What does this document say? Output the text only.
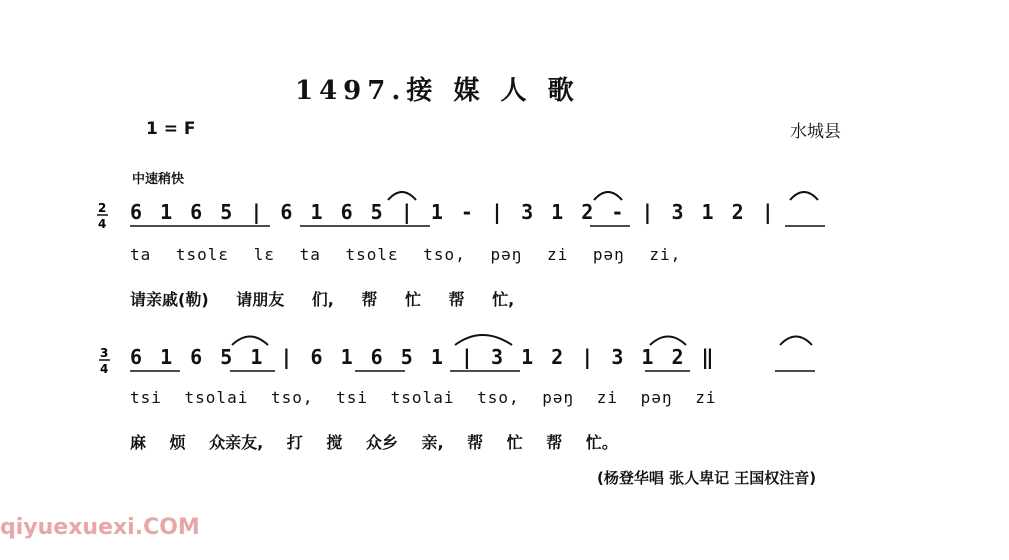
1497.接 媒 人 歌
1 = F	水城县
中速稍快
6 1 6 5 | 6 1 6 5 | 1 - | 3 1 2 - | 3 1 2 |
ta tsolɛ lɛ ta tsolɛ tso, pəŋ zi pəŋ zi,
请亲戚(勒) 请朋友 们, 帮 忙 帮 忙,
6 1 6 5 1 | 6 1 6 5 1 | 3 1 2 | 3 1 2 ‖
tsi tsolai tso, tsi tsolai tso, pəŋ zi pəŋ zi
麻 烦 众亲友, 打 搅 众乡 亲, 帮 忙 帮 忙。
(杨登华唱 张人卑记 王国权注音)
qiyuexuexi.COM
2
4
3
4
